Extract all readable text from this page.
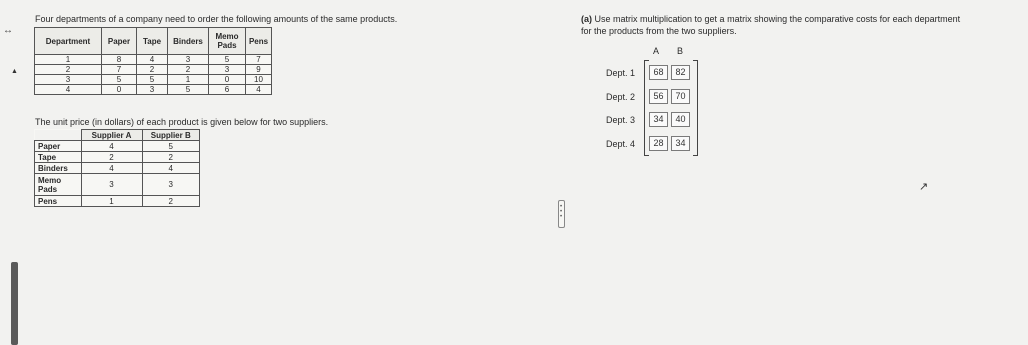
↔
▲
Four departments of a company need to order the following amounts of the same products.
Department	Paper	Tape	Binders	Memo Pads	Pens
1	8	4	3	5	7
2	7	2	2	3	9
3	5	5	1	0	10
4	0	3	5	6	4
The unit price (in dollars) of each product is given below for two suppliers.
	Supplier A	Supplier B
Paper	4	5
Tape	2	2
Binders	4	4
Memo Pads	3	3
Pens	1	2
(a) Use matrix multiplication to get a matrix showing the comparative costs for each department
for the products from the two suppliers.
A B
Dept. 1	68	82
Dept. 2	56	70
Dept. 3	34	40
Dept. 4	28	34
•
•
•
↗
